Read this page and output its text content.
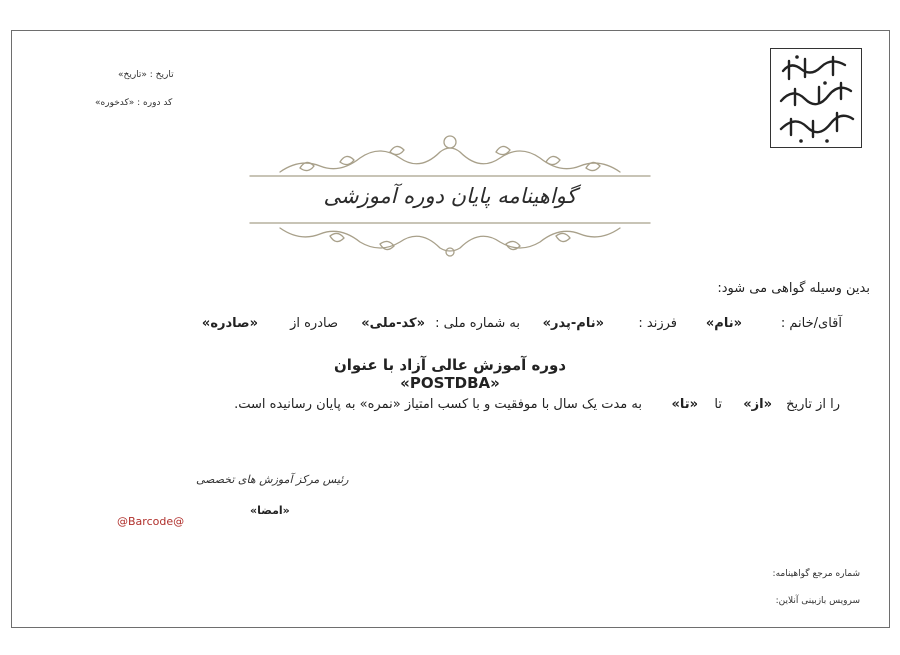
تاریخ : «تاریخ»
کد دوره : «کدخوره»
گواهینامه پایان دوره آموزشی
بدین وسیله گواهی می شود:
آقای/خانم :
«نام»
فرزند :
«نام-پدر»
به شماره ملی :
«کد-ملی»
صادره از
«صادره»
دوره آموزش عالی آزاد با عنوان «POSTDBA»
را از تاریخ
«از»
تا
«تا»
به مدت یک سال با موفقیت و با کسب امتیاز «نمره» به پایان رسانیده است.
رئیس مرکز آموزش های تخصصی
«امضا»
@Barcode@
شماره مرجع گواهینامه:
سرویس بازبینی آنلاین:
